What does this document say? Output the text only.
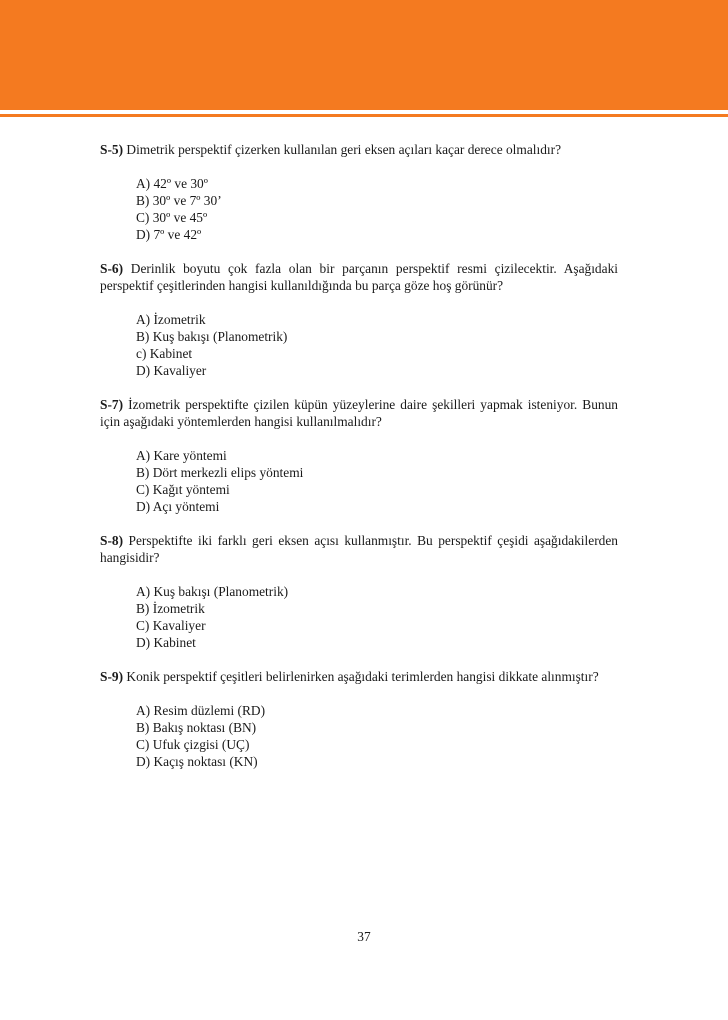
S-5) Dimetrik perspektif çizerken kullanılan geri eksen açıları kaçar derece olmalıdır?

A) 42º ve 30º
B) 30º ve 7º 30’
C) 30º ve 45º
D) 7º ve 42º

S-6) Derinlik boyutu çok fazla olan bir parçanın perspektif resmi çizilecektir. Aşağıdaki perspektif çeşitlerinden hangisi kullanıldığında bu parça göze hoş görünür?

A) İzometrik
B) Kuş bakışı (Planometrik)
c) Kabinet
D) Kavaliyer

S-7) İzometrik perspektifte çizilen küpün yüzeylerine daire şekilleri yapmak isteniyor. Bunun için aşağıdaki yöntemlerden hangisi kullanılmalıdır?

A) Kare yöntemi
B) Dört merkezli elips yöntemi
C) Kağıt yöntemi
D) Açı yöntemi

S-8) Perspektifte iki farklı geri eksen açısı kullanmıştır. Bu perspektif çeşidi aşağıdakilerden hangisidir?

A) Kuş bakışı (Planometrik)
B) İzometrik
C) Kavaliyer
D) Kabinet

S-9) Konik perspektif çeşitleri belirlenirken aşağıdaki terimlerden hangisi dikkate alınmıştır?

A) Resim düzlemi (RD)
B) Bakış noktası (BN)
C) Ufuk çizgisi (UÇ)
D) Kaçış noktası (KN)
37
